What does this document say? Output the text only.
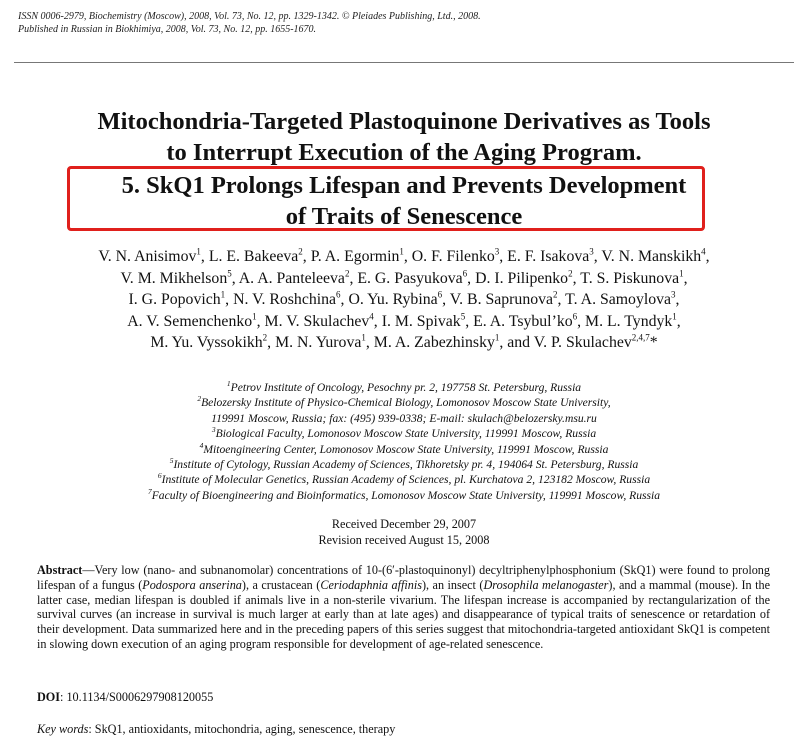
ISSN 0006-2979, Biochemistry (Moscow), 2008, Vol. 73, No. 12, pp. 1329-1342. © Pleiades Publishing, Ltd., 2008.
Published in Russian in Biokhimiya, 2008, Vol. 73, No. 12, pp. 1655-1670.
Mitochondria-Targeted Plastoquinone Derivatives as Tools
to Interrupt Execution of the Aging Program.
5. SkQ1 Prolongs Lifespan and Prevents Development
of Traits of Senescence
V. N. Anisimov$^1$, L. E. Bakeeva$^2$, P. A. Egormin$^1$, O. F. Filenko$^3$, E. F. Isakova$^3$, V. N. Manskikh$^4$,
V. M. Mikhelson$^5$, A. A. Panteleeva$^2$, E. G. Pasyukova$^6$, D. I. Pilipenko$^2$, T. S. Piskunova$^1$,
I. G. Popovich$^1$, N. V. Roshchina$^6$, O. Yu. Rybina$^6$, V. B. Saprunova$^2$, T. A. Samoylova$^3$,
A. V. Semenchenko$^1$, M. V. Skulachev$^4$, I. M. Spivak$^5$, E. A. $Tsybul’ko^6$, M. L. Tyndyk$^1$,
M. Yu. Vyssokikh$^2$, M. N. Yurova$^1$, M. A. Zabezhinsky$^1$, and V. P. Skulachev$^{2,4,7}$*
$^1$Petrov Institute of Oncology, Pesochny pr. 2, 197758 St. Petersburg, Russia
$^2$Belozersky Institute of Physico-Chemical Biology, Lomonosov Moscow State University,
119991 Moscow, Russia; fax: (495) 939-0338; E-mail: skulach@belozersky.msu.ru
$^3$Biological Faculty, Lomonosov Moscow State University, 119991 Moscow, Russia
$^4$Mitoengineering Center, Lomonosov Moscow State University, 119991 Moscow, Russia
$^5$Institute of Cytology, Russian Academy of Sciences, Tikhoretsky pr. 4, 194064 St. Petersburg, Russia
$^6$Institute of Molecular Genetics, Russian Academy of Sciences, pl. Kurchatova 2, 123182 Moscow, Russia
$^7$Faculty of Bioengineering and Bioinformatics, Lomonosov Moscow State University, 119991 Moscow, Russia
Received December 29, 2007
Revision received August 15, 2008
Abstract—Very low (nano- and subnanomolar) concentrations of 10-(6′-plastoquinonyl) decyltriphenylphosphonium (SkQ1) were found to prolong lifespan of a fungus (Podospora anserina), a crustacean (Ceriodaphnia affinis), an insect (Drosophila melanogaster), and a mammal (mouse). In the latter case, median lifespan is doubled if animals live in a non-sterile vivarium. The lifespan increase is accompanied by rectangularization of the survival curves (an increase in survival is much larger at early than at late ages) and disappearance of typical traits of senescence or retardation of their development. Data summarized here and in the preceding papers of this series suggest that mitochondria-targeted antioxidant SkQ1 is competent in slowing down execution of an aging program responsible for development of age-related senescence.
DOI: 10.1134/S0006297908120055
Key words: SkQ1, antioxidants, mitochondria, aging, senescence, therapy
